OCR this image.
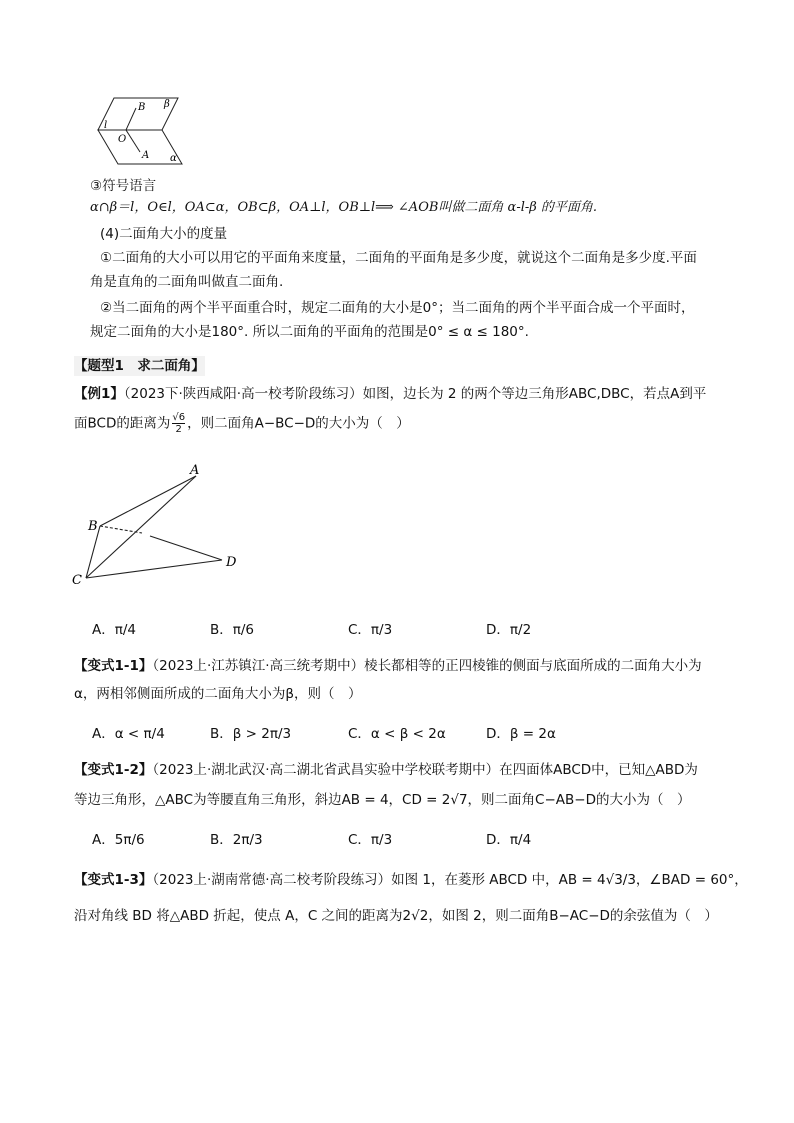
B β
l
O
A α
③符号语言
α∩β＝l，O∈l，OA⊂α，OB⊂β，OA⊥l，OB⊥l⟹ ∠AOB叫做二面角 α-l-β 的平面角.
(4)二面角大小的度量
①二面角的大小可以用它的平面角来度量，二面角的平面角是多少度，就说这个二面角是多少度.平面
角是直角的二面角叫做直二面角.
②当二面角的两个半平面重合时，规定二面角的大小是0°；当二面角的两个半平面合成一个平面时，
规定二面角的大小是180°. 所以二面角的平面角的范围是0° ≤ α ≤ 180°.
【题型1　求二面角】
【例1】（2023下·陕西咸阳·高一校考阶段练习）如图，边长为 2 的两个等边三角形ABC,DBC，若点A到平
面BCD的距离为 $\frac{√6}{2}$ ，则二面角A−BC−D的大小为（　）
A
B
C
D
A．π/4	B．π/6	C．π/3	D．π/2
【变式1-1】（2023上·江苏镇江·高三统考期中）棱长都相等的正四棱锥的侧面与底面所成的二面角大小为
α，两相邻侧面所成的二面角大小为β，则（　）
A．α < π/4	B．β > 2π/3	C．α < β < 2α	D．β = 2α
【变式1-2】（2023上·湖北武汉·高二湖北省武昌实验中学校联考期中）在四面体ABCD中，已知△ABD为
等边三角形，△ABC为等腰直角三角形，斜边AB = 4，CD = 2√7，则二面角C−AB−D的大小为（　）
A．5π/6	B．2π/3	C．π/3	D．π/4
【变式1-3】（2023上·湖南常德·高二校考阶段练习）如图 1，在菱形 ABCD 中，AB = 4√3/3，∠BAD = 60°，
沿对角线 BD 将△ABD 折起，使点 A，C 之间的距离为2√2，如图 2，则二面角B−AC−D的余弦值为（　）
